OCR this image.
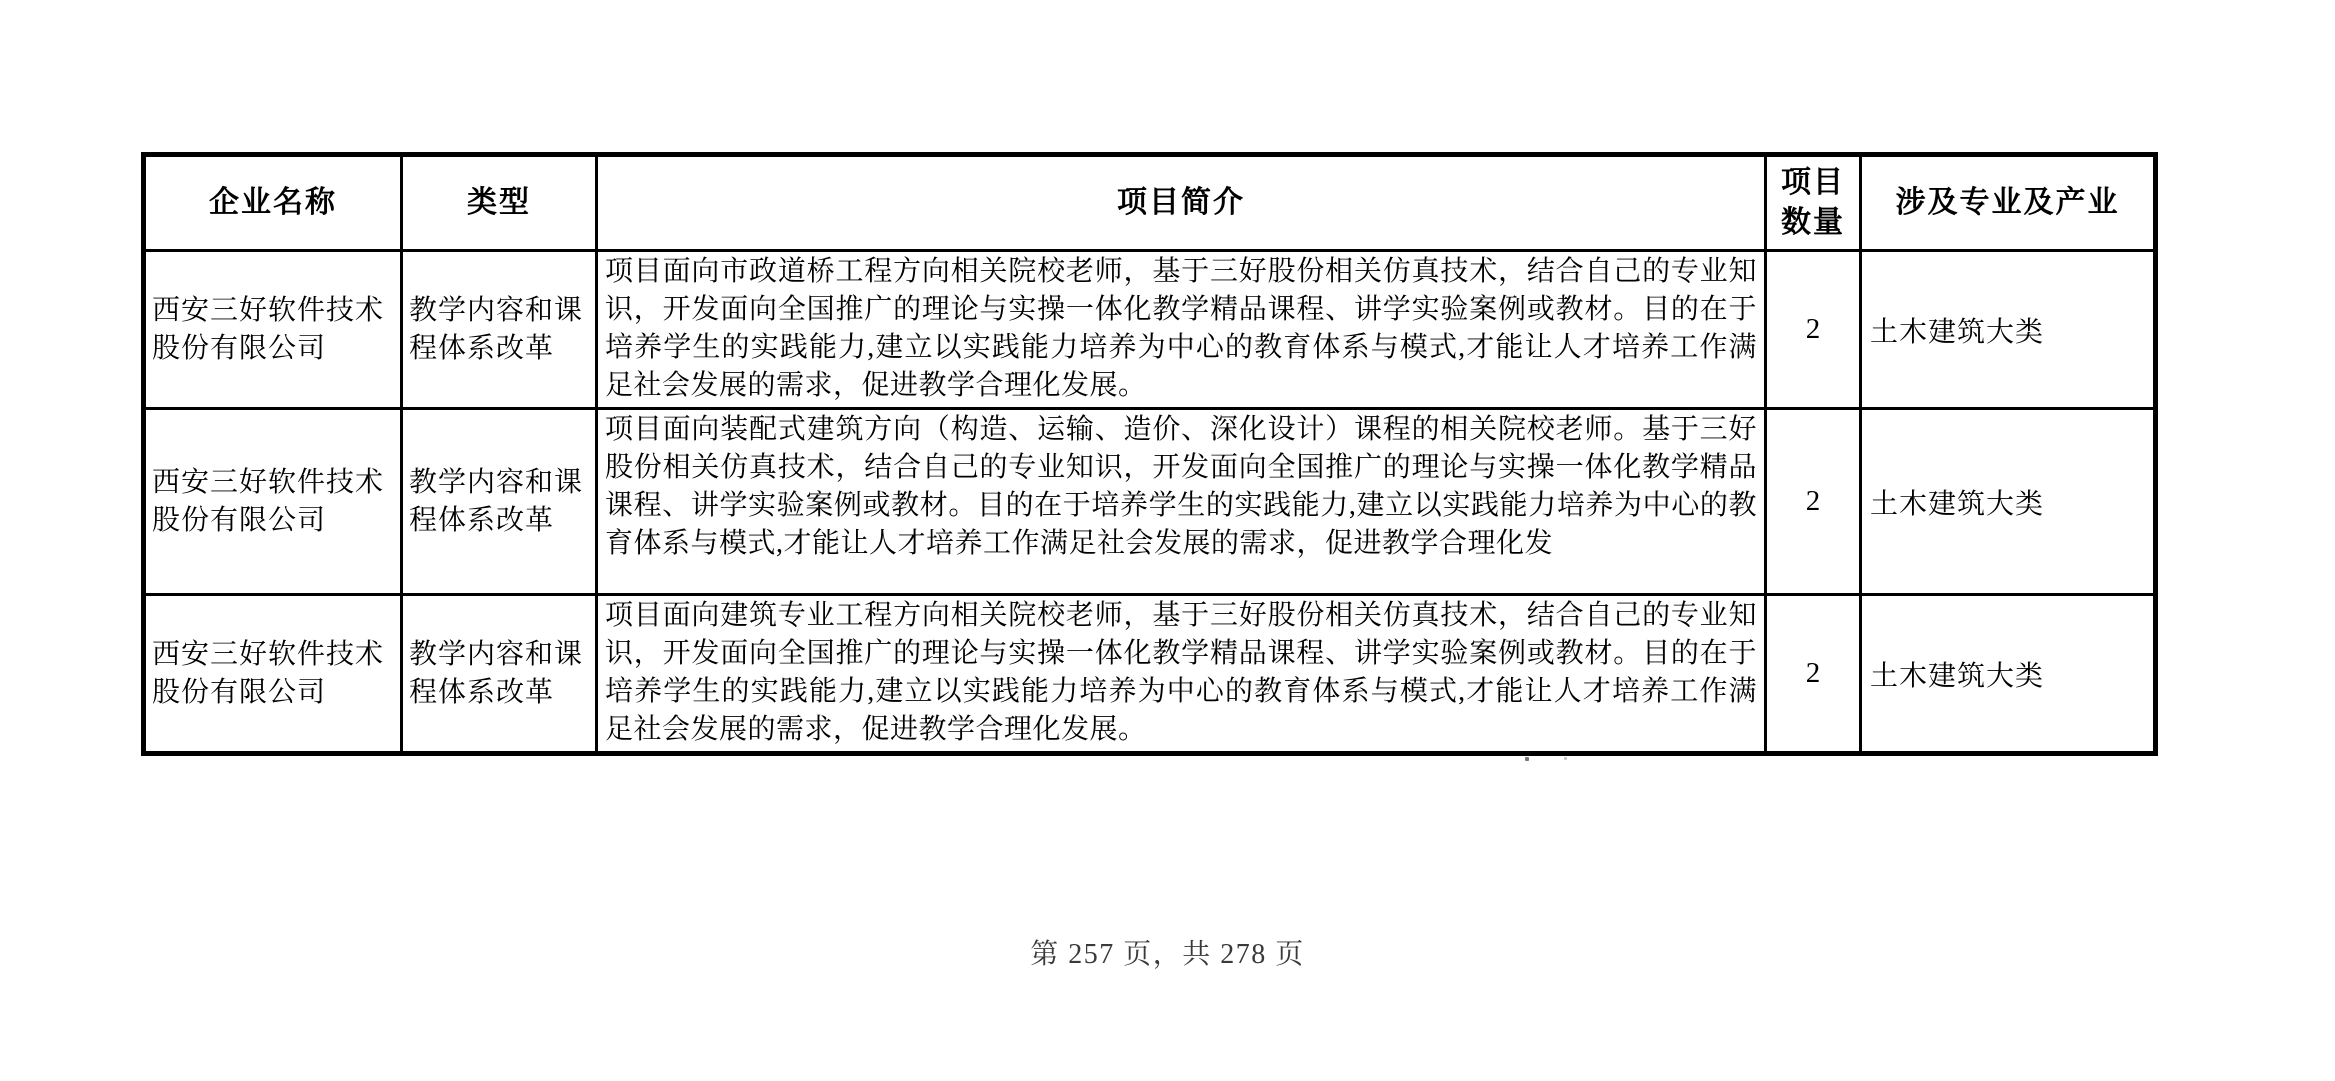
企业名称	类型	项目简介	项目数量	涉及专业及产业
西安三好软件技术股份有限公司	教学内容和课程体系改革	项目面向市政道桥工程方向相关院校老师，基于三好股份相关仿真技术，结合自己的专业知识，开发面向全国推广的理论与实操一体化教学精品课程、讲学实验案例或教材。目的在于培养学生的实践能力,建立以实践能力培养为中心的教育体系与模式,才能让人才培养工作满足社会发展的需求，促进教学合理化发展。	2	土木建筑大类
西安三好软件技术股份有限公司	教学内容和课程体系改革	项目面向装配式建筑方向（构造、运输、造价、深化设计）课程的相关院校老师。基于三好股份相关仿真技术，结合自己的专业知识，开发面向全国推广的理论与实操一体化教学精品课程、讲学实验案例或教材。目的在于培养学生的实践能力,建立以实践能力培养为中心的教育体系与模式,才能让人才培养工作满足社会发展的需求，促进教学合理化发	2	土木建筑大类
西安三好软件技术股份有限公司	教学内容和课程体系改革	项目面向建筑专业工程方向相关院校老师，基于三好股份相关仿真技术，结合自己的专业知识，开发面向全国推广的理论与实操一体化教学精品课程、讲学实验案例或教材。目的在于培养学生的实践能力,建立以实践能力培养为中心的教育体系与模式,才能让人才培养工作满足社会发展的需求，促进教学合理化发展。	2	土木建筑大类
第 257 页，共 278 页
